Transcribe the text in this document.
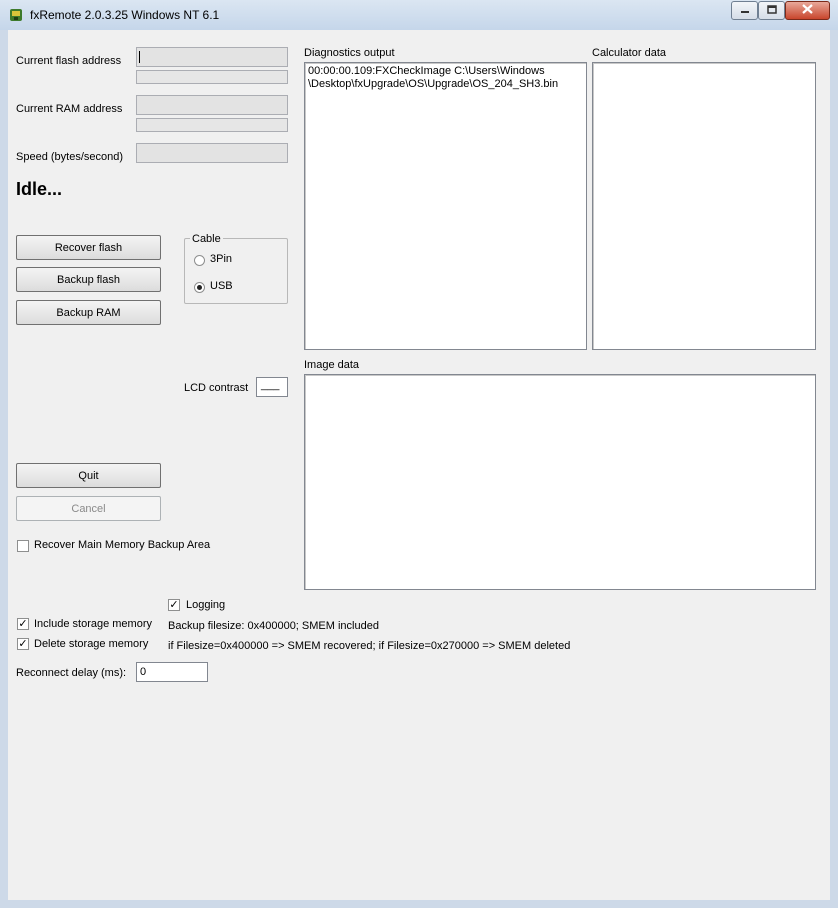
fxRemote 2.0.3.25 Windows NT 6.1
Current flash address
Current RAM address
Speed (bytes/second)
Idle...
Recover flash
Backup flash
Backup RAM
Cable
3Pin
USB
LCD contrast ___
Quit
Cancel
Recover Main Memory Backup Area
Diagnostics output
00:00:00.109:FXCheckImage C:\Users\Windows
\Desktop\fxUpgrade\OS\Upgrade\OS_204_SH3.bin
Calculator data
Image data
✓ Logging
✓ Include storage memory
✓ Delete storage memory
Backup filesize: 0x400000; SMEM included
if Filesize=0x400000 => SMEM recovered; if Filesize=0x270000 => SMEM deleted
Reconnect delay (ms): 0
